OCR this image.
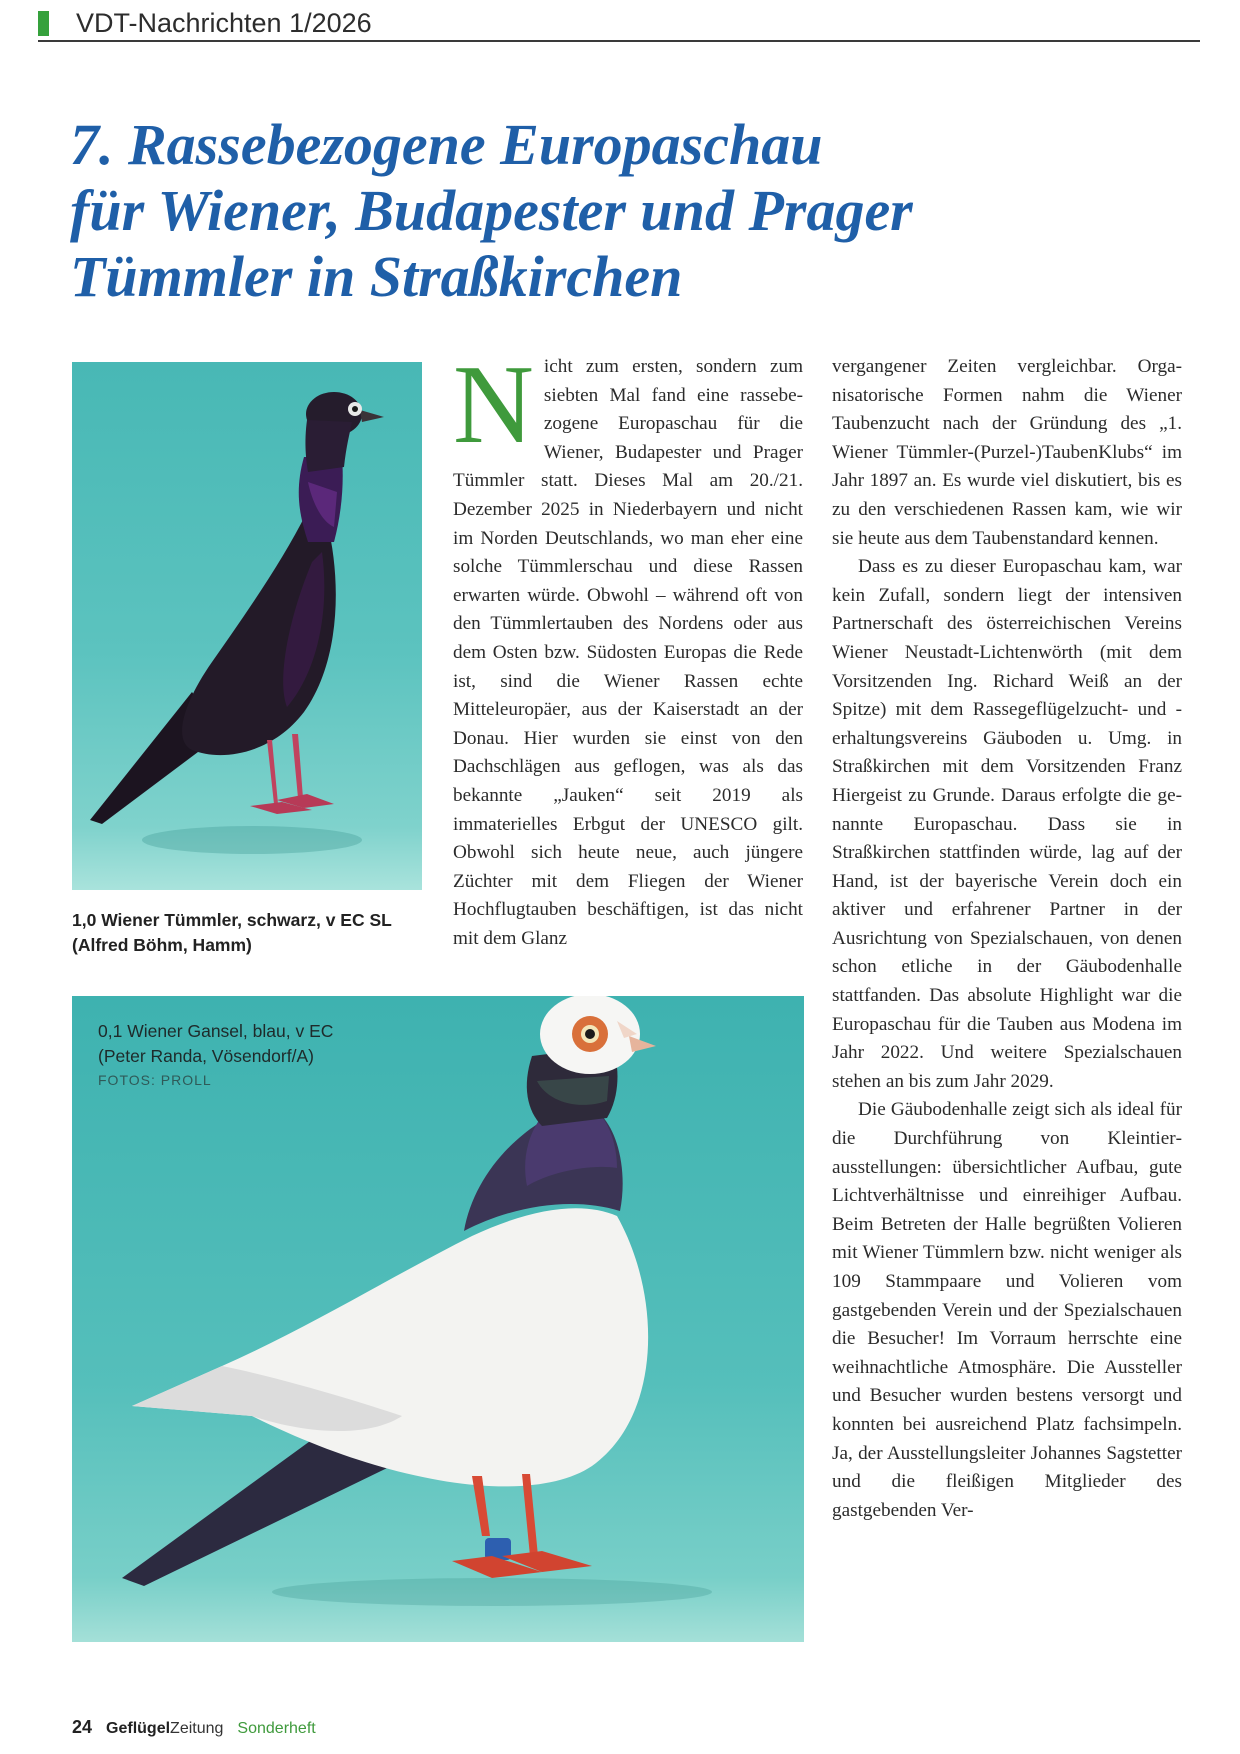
VDT-Nachrichten 1/2026
7. Rassebezogene Europaschau
für Wiener, Budapester und Prager
Tümmler in Straßkirchen
1,0 Wiener Tümmler, schwarz, v EC SL
(Alfred Böhm, Hamm)

Nicht zum ersten, sondern zum siebten Mal fand eine rassebezogene Europaschau für die Wiener, Budapester und Prager Tümmler statt. Dieses Mal am 20./21. Dezember 2025 in Niederbayern und nicht im Norden Deutschlands, wo man eher eine solche Tümmlerschau und diese Rassen erwarten würde. Obwohl – während oft von den Tümmlertauben des Nordens oder aus dem Osten bzw. Südosten Europas die Rede ist, sind die Wiener Rassen echte Mitteleuropäer, aus der Kaiserstadt an der Donau. Hier wurden sie einst von den Dachschlägen aus geflogen, was als das bekannte „Jauken“ seit 2019 als immaterielles Erbgut der UNESCO gilt. Obwohl sich heute neue, auch jüngere Züchter mit dem Fliegen der Wiener Hochflugtauben beschäftigen, ist das nicht mit dem Glanz

vergangener Zeiten vergleichbar. Organisatorische Formen nahm die Wiener Taubenzucht nach der Gründung des „1. Wiener Tümmler-(Purzel-)TaubenKlubs“ im Jahr 1897 an. Es wurde viel diskutiert, bis es zu den verschiedenen Rassen kam, wie wir sie heute aus dem Taubenstandard kennen.

Dass es zu dieser Europaschau kam, war kein Zufall, sondern liegt der intensiven Partnerschaft des österreichischen Vereins Wiener Neustadt-Lichtenwörth (mit dem Vorsitzenden Ing. Richard Weiß an der Spitze) mit dem Rassegeflügelzucht- und -erhaltungsvereins Gäuboden u. Umg. in Straßkirchen mit dem Vorsitzenden Franz Hiergeist zu Grunde. Daraus erfolgte die genannte Europaschau. Dass sie in Straßkirchen stattfinden würde, lag auf der Hand, ist der bayerische Verein doch ein aktiver und erfahrener Partner in der Ausrichtung von Spezialschauen, von denen schon etliche in der Gäubodenhalle stattfanden. Das absolute Highlight war die Europaschau für die Tauben aus Modena im Jahr 2022. Und weitere Spezialschauen stehen an bis zum Jahr 2029.

Die Gäubodenhalle zeigt sich als ideal für die Durchführung von Kleintierausstellungen: übersichtlicher Aufbau, gute Lichtverhältnisse und einreihiger Aufbau. Beim Betreten der Halle begrüßten Volieren mit Wiener Tümmlern bzw. nicht weniger als 109 Stammpaare und Volieren vom gastgebenden Verein und der Spezialschauen die Besucher! Im Vorraum herrschte eine weihnachtliche Atmosphäre. Die Aussteller und Besucher wurden bestens versorgt und konnten bei ausreichend Platz fachsimpeln. Ja, der Ausstellungsleiter Johannes Sagstetter und die fleißigen Mitglieder des gastgebenden Ver-

0,1 Wiener Gansel, blau, v EC
(Peter Randa, Vösendorf/A)
FOTOS: PROLL
24 GeflügelZeitung Sonderheft
